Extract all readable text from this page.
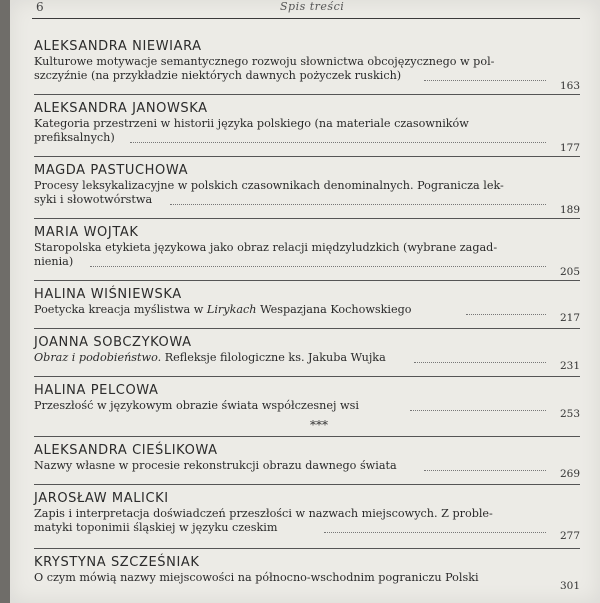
6	Spis treści
ALEKSANDRA NIEWIARA
Kulturowe motywacje semantycznego rozwoju słownictwa obcojęzycznego w pol-
szczyźnie (na przykładzie niektórych dawnych pożyczek ruskich)
163
ALEKSANDRA JANOWSKA
Kategoria przestrzeni w historii języka polskiego (na materiale czasowników
prefiksalnych)
177
MAGDA PASTUCHOWA
Procesy leksykalizacyjne w polskich czasownikach denominalnych. Pogranicza lek-
syki i słowotwórstwa
189
MARIA WOJTAK
Staropolska etykieta językowa jako obraz relacji międzyludzkich (wybrane zagad-
nienia)
205
HALINA WIŚNIEWSKA
Poetycka kreacja myślistwa w Lirykach Wespazjana Kochowskiego
217
JOANNA SOBCZYKOWA
Obraz i podobieństwo. Refleksje filologiczne ks. Jakuba Wujka
231
HALINA PELCOWA
Przeszłość w językowym obrazie świata współczesnej wsi
253
***
ALEKSANDRA CIEŚLIKOWA
Nazwy własne w procesie rekonstrukcji obrazu dawnego świata
269
JAROSŁAW MALICKI
Zapis i interpretacja doświadczeń przeszłości w nazwach miejscowych. Z proble-
matyki toponimii śląskiej w języku czeskim
277
KRYSTYNA SZCZEŚNIAK
O czym mówią nazwy miejscowości na północno-wschodnim pograniczu Polski
301
